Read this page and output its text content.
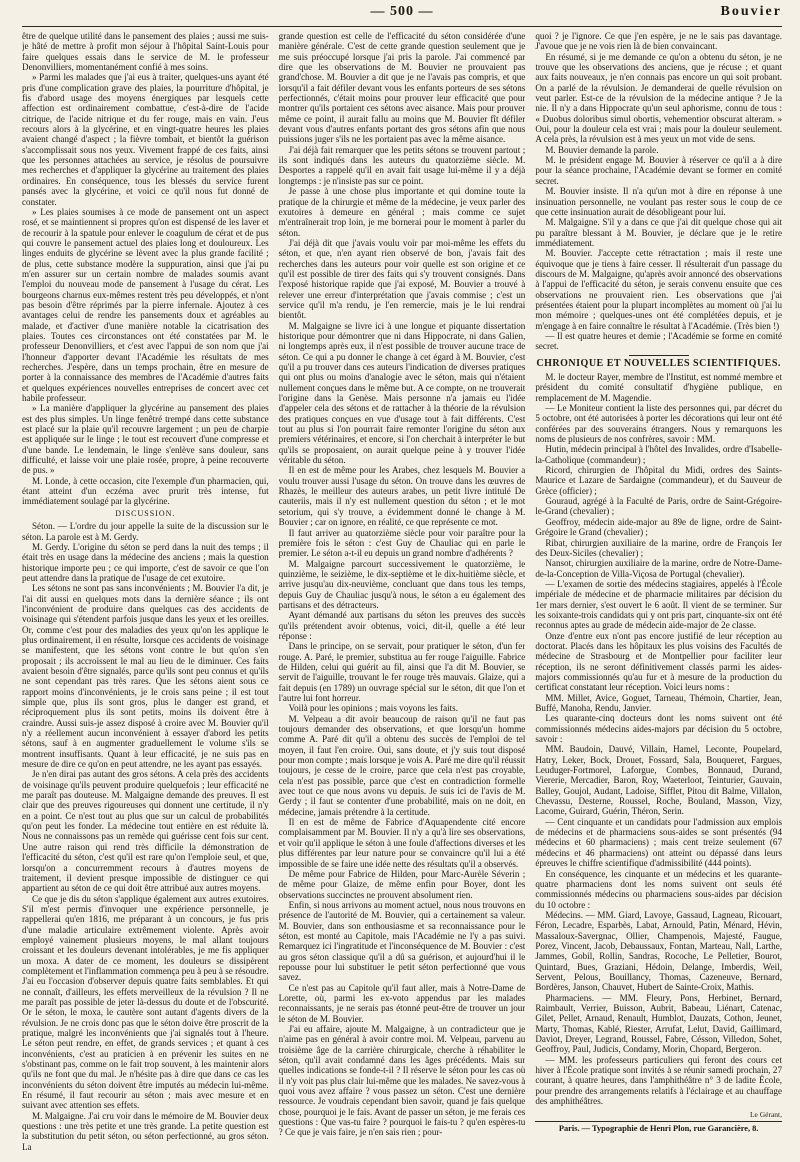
— 500 —	Bouvier

être de quelque utilité dans le pansement des plaies ; aussi me suis-je hâté de mettre à profit mon séjour à l'hôpital Saint-Louis pour faire quelques essais dans le service de M. le professeur Denonvilliers, momentanément confié à mes soins.

» Parmi les malades que j'ai eus à traiter, quelques-uns ayant été pris d'une complication grave des plaies, la pourriture d'hôpital, je fis d'abord usage des moyens énergiques par lesquels cette affection est ordinairement combattue, c'est-à-dire de l'acide citrique, de l'acide nitrique et du fer rouge, mais en vain. J'eus recours alors à la glycérine, et en vingt-quatre heures les plaies avaient changé d'aspect ; la fièvre tombait, et bientôt la guérison s'accomplissait sous nos yeux. Vivement frappé de ces faits, ainsi que les personnes attachées au service, je résolus de poursuivre mes recherches et d'appliquer la glycérine au traitement des plaies ordinaires. En conséquence, tous les blessés du service furent pansés avec la glycérine, et voici ce qu'il nous fut donné de constater.

» Les plaies soumises à ce mode de pansement ont un aspect rosé, et se maintiennent si propres qu'on est dispensé de les laver et de recourir à la spatule pour enlever le coagulum de cérat et de pus qui couvre le pansement actuel des plaies long et douloureux. Les linges enduits de glycérine se lèvent avec la plus grande facilité ; de plus, cette substance modère la suppuration, ainsi que j'ai pu m'en assurer sur un certain nombre de malades soumis avant l'emploi du nouveau mode de pansement à l'usage du cérat. Les bourgeons charnus eux-mêmes restent très peu développés, et n'ont pas besoin d'être réprimés par la pierre infernale. Ajoutez à ces avantages celui de rendre les pansements doux et agréables au malade, et d'activer d'une manière notable la cicatrisation des plaies. Toutes ces circonstances ont été constatées par M. le professeur Denonvilliers, et c'est avec l'appui de son nom que j'ai l'honneur d'apporter devant l'Académie les résultats de mes recherches. J'espère, dans un temps prochain, être en mesure de porter à la connaissance des membres de l'Académie d'autres faits et quelques expériences nouvelles entreprises de concert avec cet habile professeur.

» La manière d'appliquer la glycérine au pansement des plaies est des plus simples. Un linge fenêtré trempé dans cette substance est placé sur la plaie qu'il recouvre largement ; un peu de charpie est appliquée sur le linge ; le tout est recouvert d'une compresse et d'une bande. Le lendemain, le linge s'enlève sans douleur, sans difficulté, et laisse voir une plaie rosée, propre, à peine recouverte de pus. »

M. Londe, à cette occasion, cite l'exemple d'un pharmacien, qui, étant atteint d'un eczéma avec prurit très intense, fut immédiatement soulagé par la glycérine.

DISCUSSION.

Séton. — L'ordre du jour appelle la suite de la discussion sur le séton. La parole est à M. Gerdy.

M. Gerdy. L'origine du séton se perd dans la nuit des temps ; il était très en usage dans la médecine des anciens ; mais la question historique importe peu ; ce qui importe, c'est de savoir ce que l'on peut attendre dans la pratique de l'usage de cet exutoire.

Les sétons ne sont pas sans inconvénients ; M. Bouvier l'a dit, je l'ai dit aussi en quelques mots dans la dernière séance ; ils ont l'inconvénient de produire dans quelques cas des accidents de voisinage qui s'étendent parfois jusque dans les yeux et les oreilles. Or, comme c'est pour des maladies des yeux qu'on les applique le plus ordinairement, il en résulte, lorsque ces accidents de voisinage se manifestent, que les sétons vont contre le but qu'on s'en proposait ; ils accroissent le mal au lieu de le diminuer. Ces faits avaient besoin d'être signalés, parce qu'ils sont peu connus et qu'ils ne sont cependant pas très rares. Que les sétons aient sous ce rapport moins d'inconvénients, je le crois sans peine ; il est tout simple que, plus ils sont gros, plus le danger est grand, et réciproquement plus ils sont petits, moins ils doivent être à craindre. Aussi suis-je assez disposé à croire avec M. Bouvier qu'il n'y a réellement aucun inconvénient à essayer d'abord les petits sétons, sauf à en augmenter graduellement le volume s'ils se montrent insuffisants. Quant à leur efficacité, je ne suis pas en mesure de dire ce qu'on en peut attendre, ne les ayant pas essayés.

Je n'en dirai pas autant des gros sétons. A cela près des accidents de voisinage qu'ils peuvent produire quelquefois ; leur efficacité ne me paraît pas douteuse. M. Malgaigne demande des preuves. Il est clair que des preuves rigoureuses qui donnent une certitude, il n'y en a point. Ce n'est tout au plus que sur un calcul de probabilités qu'on peut les fonder. La médecine tout entière en est réduite là. Nous ne connaissons pas un remède qui guérisse cent fois sur cent. Une autre raison qui rend très difficile la démonstration de l'efficacité du séton, c'est qu'il est rare qu'on l'emploie seul, et que, lorsqu'on a concurremment recours à d'autres moyens de traitement, il devient presque impossible de distinguer ce qui appartient au séton de ce qui doit être attribué aux autres moyens.

Ce que je dis du séton s'applique également aux autres exutoires. S'il m'est permis d'invoquer une expérience personnelle, je rappellerai qu'en 1816, me préparant à un concours, je fus pris d'une maladie articulaire extrêmement violente. Après avoir employé vainement plusieurs moyens, le mal allant toujours croissant et les douleurs devenant intolérables, je me fis appliquer un moxa. A dater de ce moment, les douleurs se dissipèrent complètement et l'inflammation commença peu à peu à se résoudre. J'ai eu l'occasion d'observer depuis quatre faits semblables. Et qui ne connaît, d'ailleurs, les effets merveilleux de la révulsion ? Il ne me paraît pas possible de jeter là-dessus du doute et de l'obscurité. Or le séton, le moxa, le cautère sont autant d'agents divers de la révulsion. Je ne crois donc pas que le séton doive être proscrit de la pratique, malgré les inconvénients que j'ai signalés tout à l'heure. Le séton peut rendre, en effet, de grands services ; et quant à ces inconvénients, c'est au praticien à en prévenir les suites en ne s'obstinant pas, comme on le fait trop souvent, à les maintenir alors qu'ils ne font que du mal. Je n'hésite pas à dire que dans ce cas les inconvénients du séton doivent être imputés au médecin lui-même. En résumé, il faut recourir au séton ; mais avec mesure et en suivant avec attention ses effets.

M. Malgaigne. J'ai cru voir dans le mémoire de M. Bouvier deux questions : une très petite et une très grande. La petite question est la substitution du petit séton, ou séton perfectionné, au gros séton. La

grande question est celle de l'efficacité du séton considérée d'une manière générale. C'est de cette grande question seulement que je me suis préoccupé lorsque j'ai pris la parole. J'ai commencé par dire que les observations de M. Bouvier ne prouvaient pas grand'chose. M. Bouvier a dit que je ne l'avais pas compris, et que lorsqu'il a fait défiler devant vous les enfants porteurs de ses sétons perfectionnés, c'était moins pour prouver leur efficacité que pour montrer qu'ils portaient ces sétons avec aisance. Mais pour prouver même ce point, il aurait fallu au moins que M. Bouvier fît défiler devant vous d'autres enfants portant des gros sétons afin que nous puissions juger s'ils ne les portaient pas avec la même aisance.

J'ai déjà fait remarquer que les petits sétons se trouvent partout ; ils sont indiqués dans les auteurs du quatorzième siècle. M. Desportes a rappelé qu'il en avait fait usage lui-même il y a déjà longtemps : je n'insiste pas sur ce point.

Je passe à une chose plus importante et qui domine toute la pratique de la chirurgie et même de la médecine, je veux parler des exutoires à demeure en général ; mais comme ce sujet m'entraînerait trop loin, je me bornerai pour le moment à parler du séton.

J'ai déjà dit que j'avais voulu voir par moi-même les effets du séton, et que, n'en ayant rien observé de bon, j'avais fait des recherches dans les auteurs pour voir quelle est son origine et ce qu'il est possible de tirer des faits qui s'y trouvent consignés. Dans l'exposé historique rapide que j'ai exposé, M. Bouvier a trouvé à relever une erreur d'interprétation que j'avais commise ; c'est un service qu'il m'a rendu, je l'en remercie, mais je le lui rendrai bientôt.

M. Malgaigne se livre ici à une longue et piquante dissertation historique pour démontrer que ni dans Hippocrate, ni dans Galien, ni longtemps après eux, il n'est possible de trouver aucune trace de séton. Ce qui a pu donner le change à cet égard à M. Bouvier, c'est qu'il a pu trouver dans ces auteurs l'indication de diverses pratiques qui ont plus ou moins d'analogie avec le séton, mais qui n'étaient nullement conçues dans le même but. A ce compte, on ne trouverait l'origine dans la Genèse. Mais personne n'a jamais eu l'idée d'appeler cela des sétons et de rattacher à la théorie de la révulsion des pratiques conçues en vue d'usage tout à fait différents. C'est tout au plus si l'on pourrait faire remonter l'origine du séton aux premiers vétérinaires, et encore, si l'on cherchait à interpréter le but qu'ils se proposaient, on aurait quelque peine à y trouver l'idée véritable du séton.

Il en est de même pour les Arabes, chez lesquels M. Bouvier a voulu trouver aussi l'usage du séton. On trouve dans les œuvres de Rhazès, le meilleur des auteurs arabes, un petit livre intitulé De cauteriis, mais il n'y est nullement question du séton ; et le mot setorium, qui s'y trouve, a évidemment donné le change à M. Bouvier ; car on ignore, en réalité, ce que représente ce mot.

Il faut arriver au quatorzième siècle pour voir paraître pour la première fois le séton : c'est Guy de Chauliac qui en parle le premier. Le séton a-t-il eu depuis un grand nombre d'adhérents ?

M. Malgaigne parcourt successivement le quatorzième, le quinzième, le seizième, le dix-septième et le dix-huitième siècle, et arrive jusqu'au dix-neuvième, concluant que dans tous les temps, depuis Guy de Chauliac jusqu'à nous, le séton a eu également des partisans et des détracteurs.

Ayant démandé aux partisans du séton les preuves des succès qu'ils prétendent avoir obtenus, voici, dit-il, quelle a été leur réponse :

Dans le principe, on se servait, pour pratiquer le séton, d'un fer rouge. A. Paré, le premier, substitua au fer rouge l'aiguille. Fabrice de Hilden, celui qui guérit au fil, ainsi que l'a dit M. Bouvier, se servit de l'aiguille, trouvant le fer rouge très mauvais. Glaize, qui a fait depuis (en 1789) un ouvrage spécial sur le séton, dit que l'on et l'autre lui font horreur.

Voilà pour les opinions ; mais voyons les faits.

M. Velpeau a dit avoir beaucoup de raison qu'il ne faut pas toujours demander des observations, et que lorsqu'un homme comme A. Paré dit qu'il a obtenu des succès de l'emploi de tel moyen, il faut l'en croire. Oui, sans doute, et j'y suis tout disposé pour mon compte ; mais lorsque je vois A. Paré me dire qu'il réussit toujours, je cesse de le croire, parce que cela n'est pas croyable, cela n'est pas possible, parce que c'est en contradiction formelle avec tout ce que nous avons vu depuis. Je suis ici de l'avis de M. Gerdy ; il faut se contenter d'une probabilité, mais on ne doit, en médecine, jamais prétendre à la certitude.

Il en est de même de Fabrice d'Aquapendente cité encore complaisamment par M. Bouvier. Il n'y a qu'à lire ses observations, et voir qu'il applique le séton à une foule d'affections diverses et les plus différentes par leur nature pour se convaincre qu'il lui a été impossible de se faire une idée nette des résultats qu'il a observés.

De même pour Fabrice de Hilden, pour Marc-Aurèle Séverin ; de même pour Glaize, de même enfin pour Boyer, dont les observations succinctes ne prouvent absolument rien.

Enfin, si nous arrivons au moment actuel, nous nous trouvons en présence de l'autorité de M. Bouvier, qui a certainement sa valeur. M. Bouvier, dans son enthousiasme et sa reconnaissance pour le séton, est monté au Capitole, mais l'Académie ne l'y a pas suivi. Remarquez ici l'ingratitude et l'inconséquence de M. Bouvier : c'est au gros séton classique qu'il a dû sa guérison, et aujourd'hui il le repousse pour lui substituer le petit séton perfectionné que vous savez.

Ce n'est pas au Capitole qu'il faut aller, mais à Notre-Dame de Lorette, où, parmi les ex-voto appendus par les malades reconnaissants, je ne serais pas étonné peut-être de trouver un jour le séton de M. Bouvier.

J'ai eu affaire, ajoute M. Malgaigne, à un contradicteur que je n'aime pas en général à avoir contre moi. M. Velpeau, parvenu au troisième âge de la carrière chirurgicale, cherche à réhabiliter le séton, qu'il avait condamné dans les âges précédents. Mais sur quelles indications se fonde-t-il ? Il réserve le séton pour les cas où il n'y voit pas plus clair lui-même que les malades. Ne savez-vous à quoi vous avez affaire ? vous passez un séton. C'est une dernière ressource. Je voudrais cependant bien savoir, quand je fais quelque chose, pourquoi je le fais. Avant de passer un séton, je me ferais ces questions : Que vas-tu faire ? pourquoi le fais-tu ? qu'en espères-tu ? Ce que je vais faire, je n'en sais rien ; pour-

quoi ? je l'ignore. Ce que j'en espère, je ne le sais pas davantage. J'avoue que je ne vois rien là de bien convaincant.

En résumé, si je me demande ce qu'on a obtenu du séton, je ne trouve que les observations des anciens, que je récuse ; et quant aux faits nouveaux, je n'en connais pas encore un qui soit probant. On a parlé de la révulsion. Je demanderai de quelle révulsion on veut parler. Est-ce de la révulsion de la médecine antique ? Je la nie. Il n'y a dans Hippocrate qu'un seul aphorisme, connu de tous : « Duobus doloribus simul obortis, vehementior obscurat alteram. » Oui, pour la douleur cela est vrai ; mais pour la douleur seulement. A cela près, la révulsion est à mes yeux un mot vide de sens.

M. Bouvier demande la parole.

M. le président engage M. Bouvier à réserver ce qu'il a à dire pour la séance prochaine, l'Académie devant se former en comité secret.

M. Bouvier insiste. Il n'a qu'un mot à dire en réponse à une insinuation personnelle, ne voulant pas rester sous le coup de ce que cette insinuation aurait de désobligeant pour lui.

M. Malgaigne. S'il y a dans ce que j'ai dit quelque chose qui ait pu paraître blessant à M. Bouvier, je déclare que je le retire immédiatement.

M. Bouvier. J'accepte cette rétractation ; mais il reste une équivoque que je tiens à faire cesser. Il résulterait d'un passage du discours de M. Malgaigne, qu'après avoir annoncé des observations à l'appui de l'efficacité du séton, je serais convenu ensuite que ces observations ne prouvaient rien. Les observations que j'ai présentées étaient pour la plupart incomplètes au moment où j'ai lu mon mémoire ; quelques-unes ont été complétées depuis, et je m'engage à en faire connaître le résultat à l'Académie. (Très bien !)

— Il est quatre heures et demie ; l'Académie se forme en comité secret.

CHRONIQUE ET NOUVELLES SCIENTIFIQUES.

M. le docteur Rayer, membre de l'Institut, est nommé membre et président du comité consultatif d'hygiène publique, en remplacement de M. Magendie.

— Le Moniteur contient la liste des personnes qui, par décret du 5 octobre, ont été autorisées à porter les décorations qui leur ont été conférées par des souverains étrangers. Nous y remarquons les noms de plusieurs de nos confrères, savoir : MM.

Hutin, médecin principal à l'hôtel des Invalides, ordre d'Isabelle-la-Catholique (commandeur) ;

Ricord, chirurgien de l'hôpital du Midi, ordres des Saints-Maurice et Lazare de Sardaigne (commandeur), et du Sauveur de Grèce (officier) ;

Gouraud, agrégé à la Faculté de Paris, ordre de Saint-Grégoire-le-Grand (chevalier) ;

Geoffroy, médecin aide-major au 89e de ligne, ordre de Saint-Grégoire le Grand (chevalier) ;

Ribat, chirurgien auxiliaire de la marine, ordre de François Ier des Deux-Siciles (chevalier) ;

Nansot, chirurgien auxiliaire de la marine, ordre de Notre-Dame-de-la-Conception de Villa-Viçosa de Portugal (chevalier).

— L'examen de sortie des médecins stagiaires, appelés à l'École impériale de médecine et de pharmacie militaires par décision du 1er mars dernier, s'est ouvert le 6 août. Il vient de se terminer. Sur les soixante-trois candidats qui y ont pris part, cinquante-six ont été reconnus aptes au grade de médecin aide-major de 2e classe.

Onze d'entre eux n'ont pas encore justifié de leur réception au doctorat. Placés dans les hôpitaux les plus voisins des Facultés de médecine de Strasbourg et de Montpellier pour faciliter leur réception, ils ne seront définitivement classés parmi les aides-majors commissionnés qu'au fur et à mesure de la production du certificat constatant leur réception. Voici leurs noms :

MM. Millet, Avice, Goguet, Tarneau, Thémoin, Chartier, Jean, Buffé, Manoha, Rendu, Janvier.

Les quarante-cinq docteurs dont les noms suivent ont été commissionnés médecins aides-majors par décision du 5 octobre, savoir :

MM. Baudoin, Dauvé, Villain, Hamel, Leconte, Poupelard, Hatry, Leker, Bock, Drouet, Fossard, Sala, Bouqueret, Fargues, Leuduger-Fortmorel, Laforgue, Combes, Bonnaud, Durand, Viererie, Mercadier, Baron, Roy, Waeterloot, Teinturier, Gauvain, Balley, Goujol, Audant, Ladoise, Sifflet, Pitou dit Balme, Villalon, Chevassu, Desterne, Roussel, Roche, Bouland, Masson, Vizy, Lacome, Guirard, Guérin, Théron, Serin.

— Cent cinquante et un candidats pour l'admission aux emplois de médecins et de pharmaciens sous-aides se sont présentés (94 médecins et 60 pharmaciens) ; mais cent treize seulement (67 médecins et 46 pharmaciens) ont atteint ou dépassé dans leurs épreuves le chiffre scientifique d'admissibilité (444 points).

En conséquence, les cinquante et un médecins et les quarante-quatre pharmaciens dont les noms suivent ont seuls été commissionnés médecins ou pharmaciens sous-aides par décision du 10 octobre :

Médecins. — MM. Giard, Lavoye, Gassaud, Lagneau, Ricouart, Féron, Lecadre, Esparbès, Labat, Arnould, Patin, Ménard, Hévin, Massaloux-Savergnac, Ollier, Champenois, Majesté, Faugue, Porez, Vincent, Jacob, Debaussaux, Fontan, Marteau, Nall, Larthe, Jammes, Gobil, Rollin, Sandras, Rocoche, Le Pelletier, Bourot, Quintard, Bues, Graziani, Hédoin, Delange, Imberdis, Weil, Servent, Pelous, Bouillancy, Thomas, Cazeneuve, Bernard, Bordères, Janson, Chauvet, Hubert de Sainte-Croix, Mathis.

Pharmaciens. — MM. Fleury, Pons, Herbinet, Bernard, Raimbault, Verrier, Buisson, Aubrit, Babeau, Liénart, Catenac, Gilet, Pellet, Arnaud, Renault, Humblot, Dauzats, Cothon, Jeunet, Marty, Thomas, Kablé, Riester, Arrufat, Lelut, David, Gaillimard, Daviot, Dreyer, Legrand, Roussel, Fabre, Césson, Villedon, Sohet, Geoffroy, Paul, Judicis, Condamy, Morin, Chopard, Bergeron.

— MM. les professeurs particuliers qui feront des cours cet hiver à l'École pratique sont invités à se réunir samedi prochain, 27 courant, à quatre heures, dans l'amphithéâtre n° 3 de ladite École, pour prendre des arrangements relatifs à l'éclairage et au chauffage des amphithéâtres.

Le Gérant,

Paris. — Typographie de Henri Plon, rue Garancière, 8.
